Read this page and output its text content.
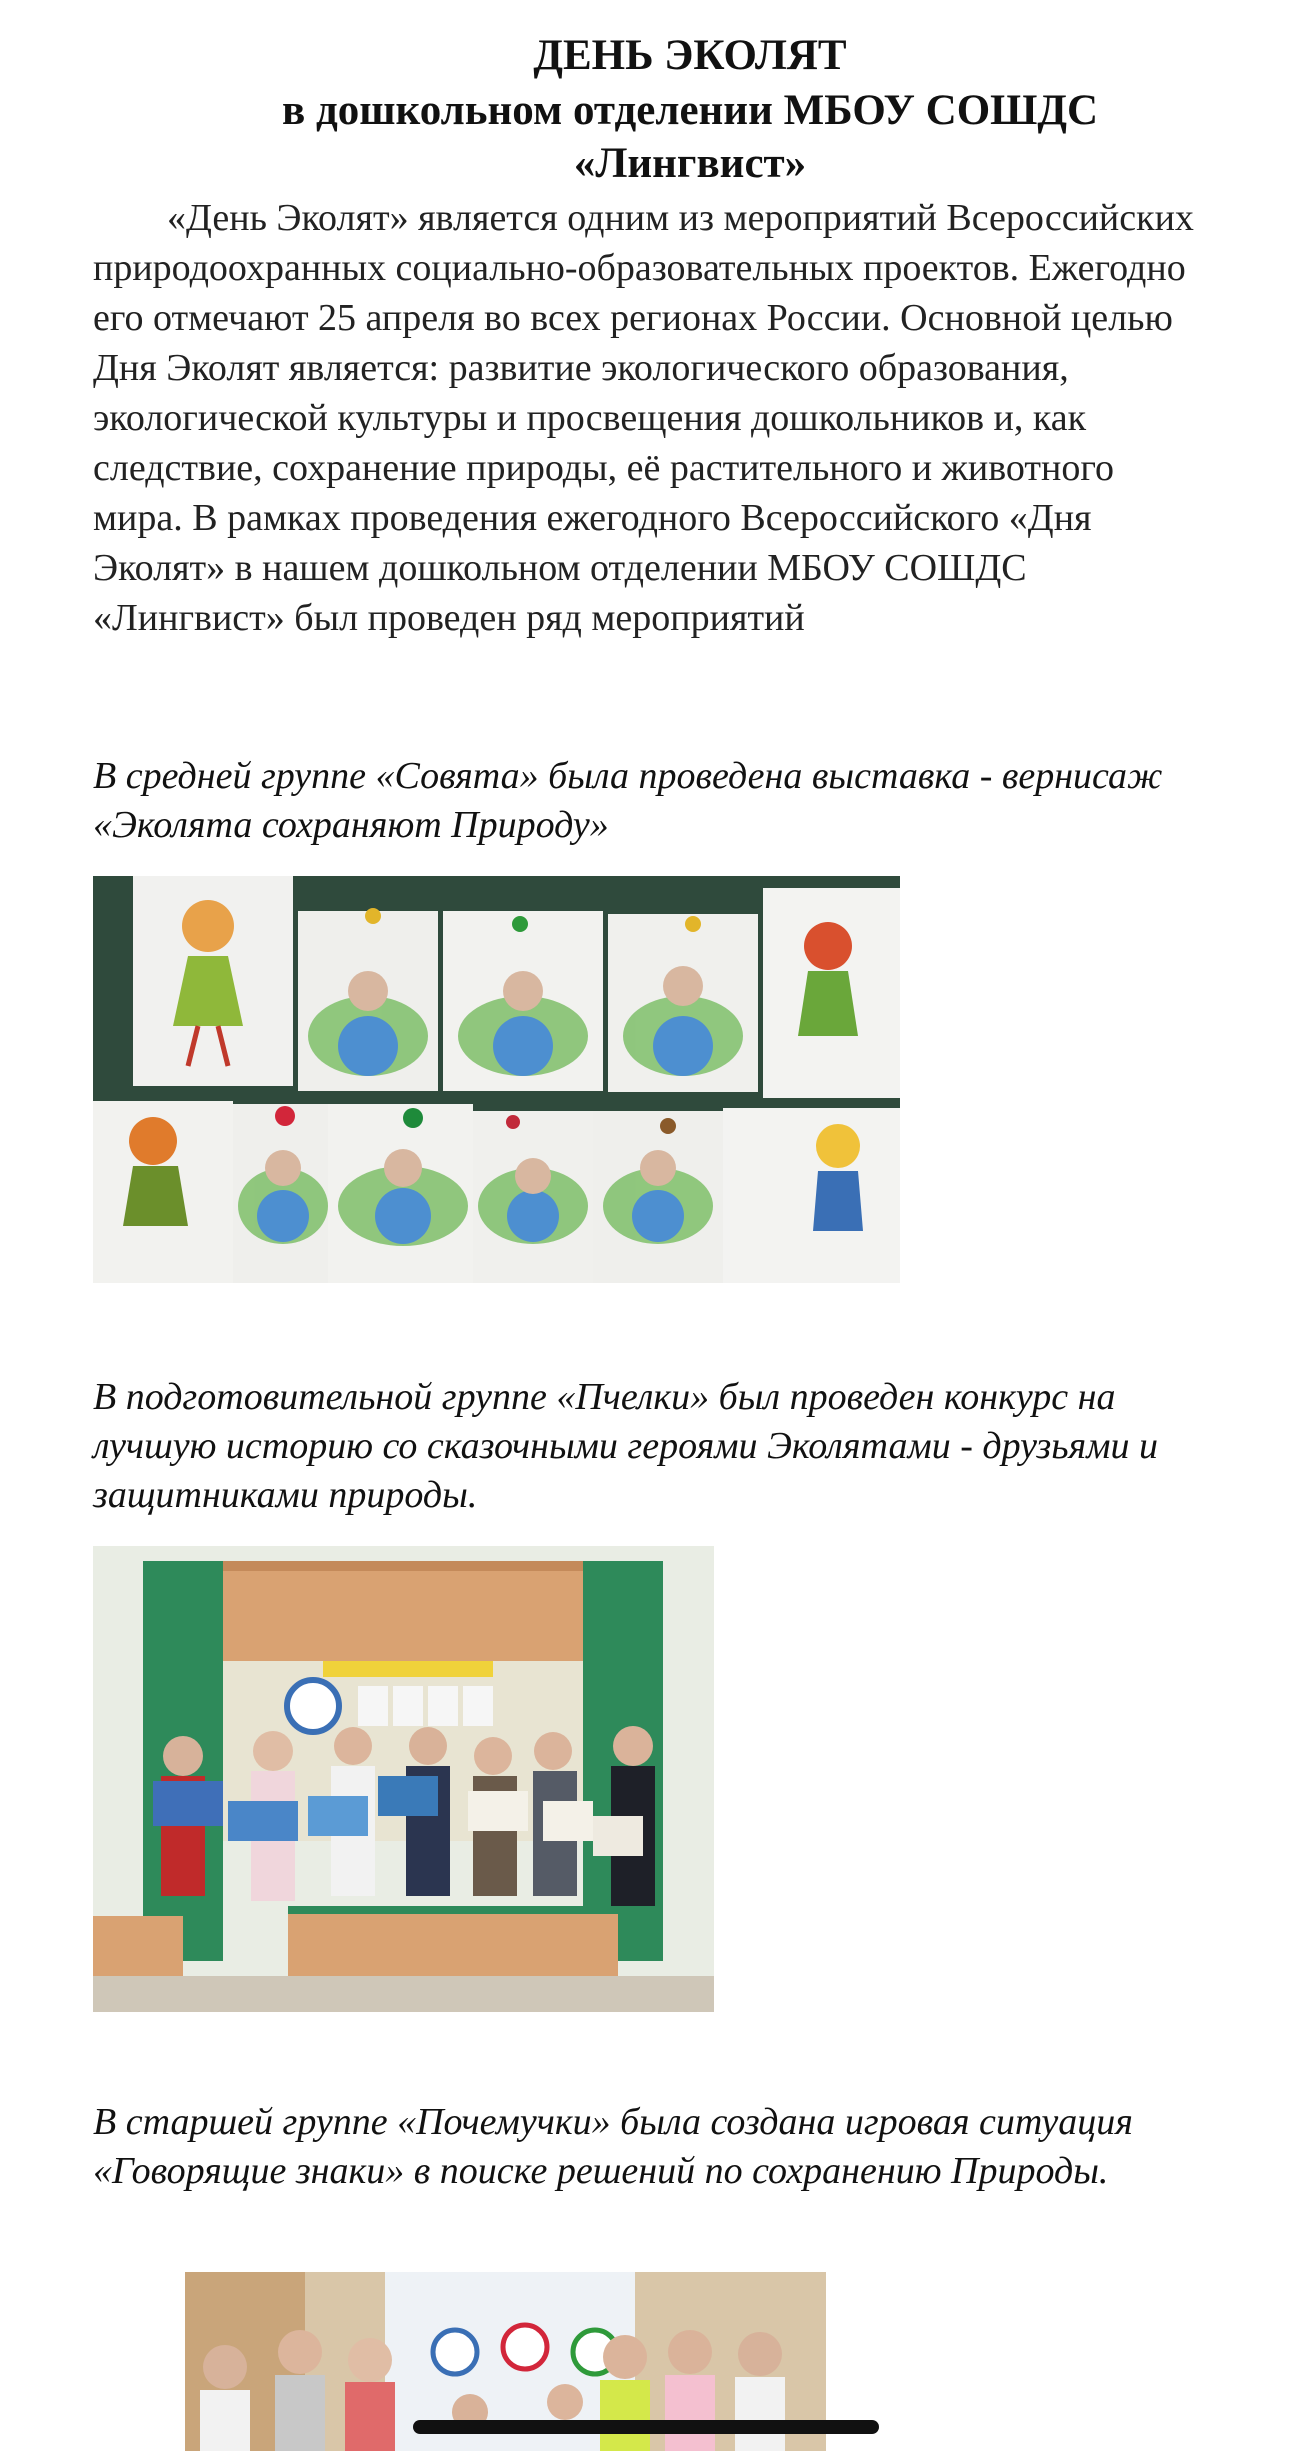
ДЕНЬ ЭКОЛЯТ
в дошкольном отделении МБОУ СОШДС
«Лингвист»

«День Эколят» является одним из мероприятий Всероссийских природоохранных социально-образовательных проектов. Ежегодно его отмечают 25 апреля во всех регионах России. Основной целью Дня Эколят является: развитие экологического образования, экологической культуры и просвещения дошкольников и, как следствие, сохранение природы, её растительного и животного мира. В рамках проведения ежегодного Всероссийского «Дня Эколят» в нашем дошкольном отделении МБОУ СОШДС «Лингвист» был проведен ряд мероприятий

В средней группе «Совята» была проведена выставка - вернисаж «Эколята сохраняют Природу»

В подготовительной группе «Пчелки» был проведен конкурс на лучшую историю со сказочными героями Эколятами - друзьями и защитниками природы.

В старшей группе «Почемучки» была создана игровая ситуация «Говорящие знаки» в поиске решений по сохранению Природы.
